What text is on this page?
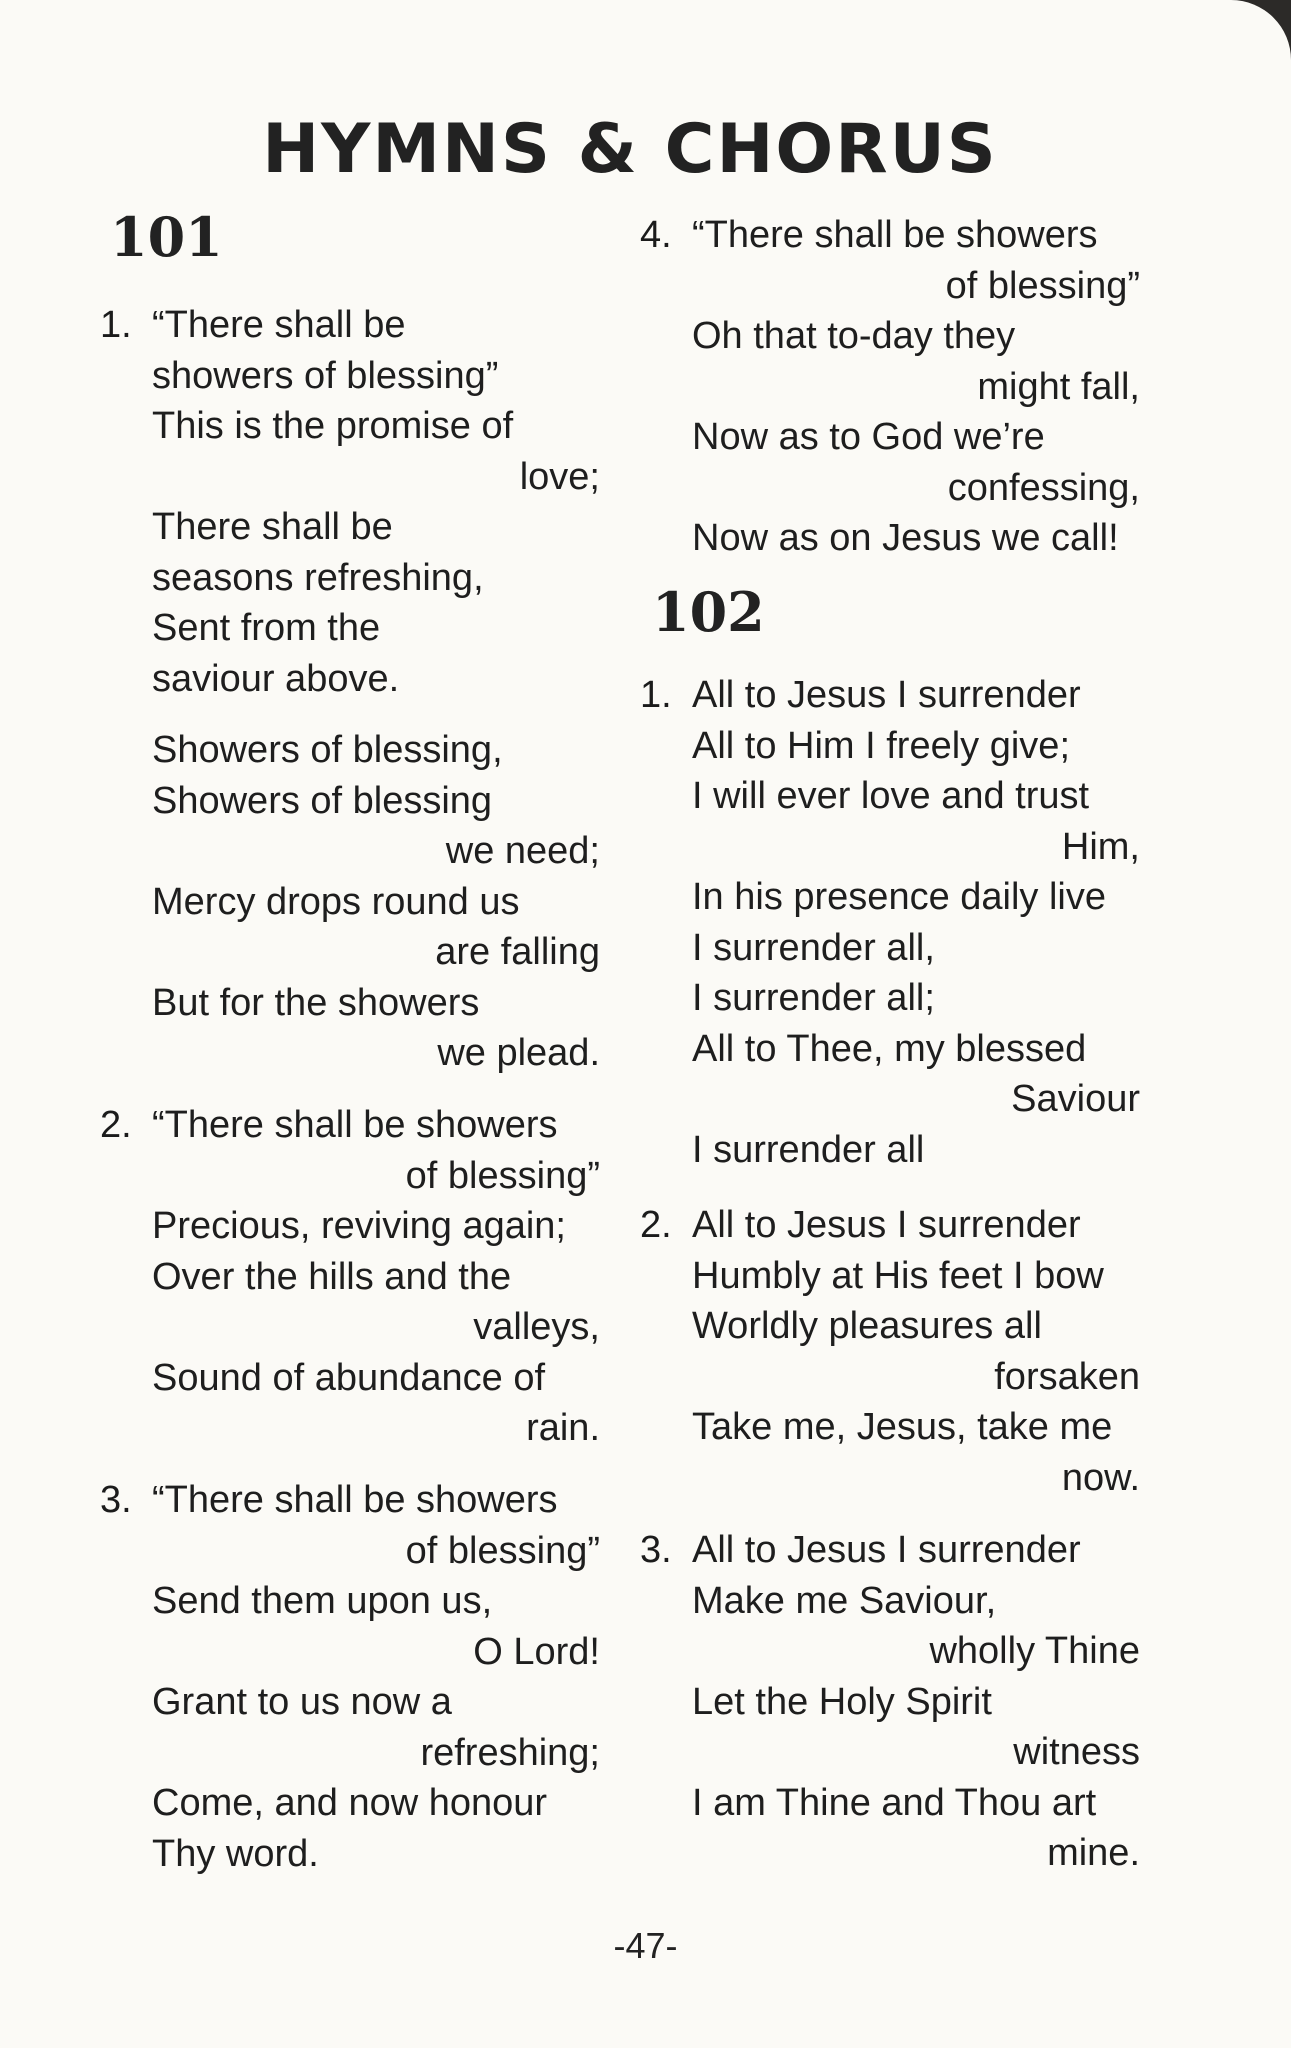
HYMNS & CHORUS
101
1. “There shall be
showers of blessing”
This is the promise of
love;
There shall be
seasons refreshing,
Sent from the
saviour above.
Showers of blessing,
Showers of blessing
we need;
Mercy drops round us
are falling
But for the showers
we plead.
2. “There shall be showers
of blessing”
Precious, reviving again;
Over the hills and the
valleys,
Sound of abundance of
rain.
3. “There shall be showers
of blessing”
Send them upon us,
O Lord!
Grant to us now a
refreshing;
Come, and now honour
Thy word.
4. “There shall be showers
of blessing”
Oh that to-day they
might fall,
Now as to God we’re
confessing,
Now as on Jesus we call!
102
1. All to Jesus I surrender
All to Him I freely give;
I will ever love and trust
Him,
In his presence daily live
I surrender all,
I surrender all;
All to Thee, my blessed
Saviour
I surrender all
2. All to Jesus I surrender
Humbly at His feet I bow
Worldly pleasures all
forsaken
Take me, Jesus, take me
now.
3. All to Jesus I surrender
Make me Saviour,
wholly Thine
Let the Holy Spirit
witness
I am Thine and Thou art
mine.
-47-
